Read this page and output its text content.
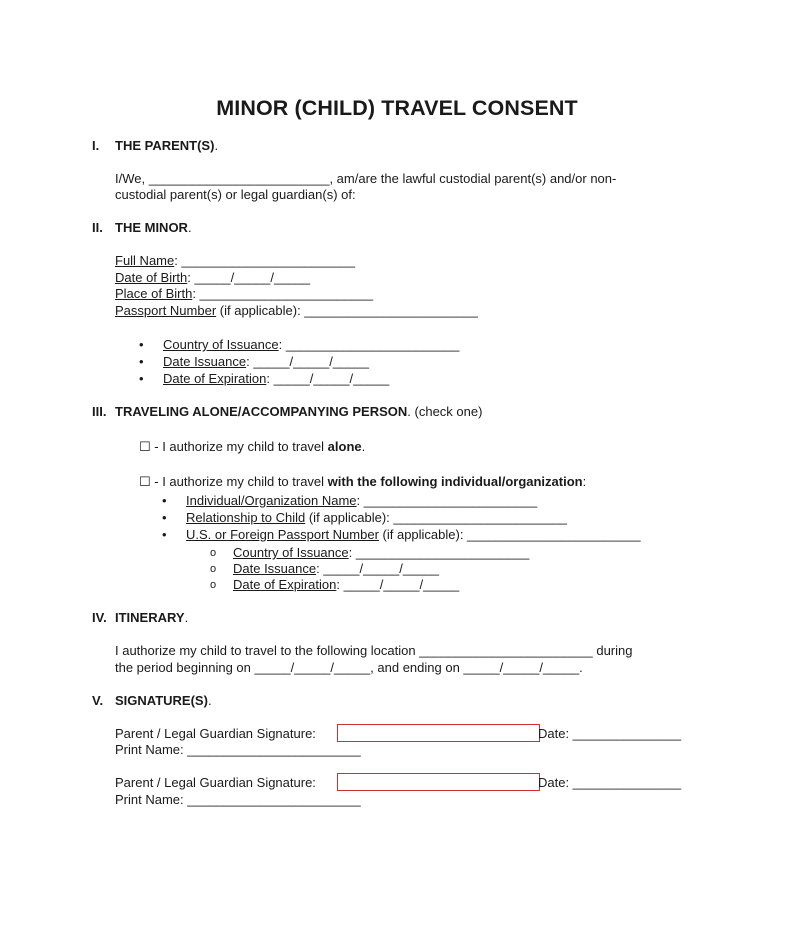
MINOR (CHILD) TRAVEL CONSENT
I. THE PARENT(S).
I/We, _________________________, am/are the lawful custodial parent(s) and/or non-
custodial parent(s) or legal guardian(s) of:
II. THE MINOR.
Full Name: ________________________
Date of Birth: _____/_____/_____
Place of Birth: ________________________
Passport Number (if applicable): ________________________
• Country of Issuance: ________________________
• Date Issuance: _____/_____/_____
• Date of Expiration: _____/_____/_____
III. TRAVELING ALONE/ACCOMPANYING PERSON. (check one)
☐ - I authorize my child to travel alone.
☐ - I authorize my child to travel with the following individual/organization:
• Individual/Organization Name: ________________________
• Relationship to Child (if applicable): ________________________
• U.S. or Foreign Passport Number (if applicable): ________________________
o Country of Issuance: ________________________
o Date Issuance: _____/_____/_____
o Date of Expiration: _____/_____/_____
IV. ITINERARY.
I authorize my child to travel to the following location ________________________ during
the period beginning on _____/_____/_____, and ending on _____/_____/_____.
V. SIGNATURE(S).
Parent / Legal Guardian Signature:	Date: _______________
Print Name: ________________________
Parent / Legal Guardian Signature:	Date: _______________
Print Name: ________________________
